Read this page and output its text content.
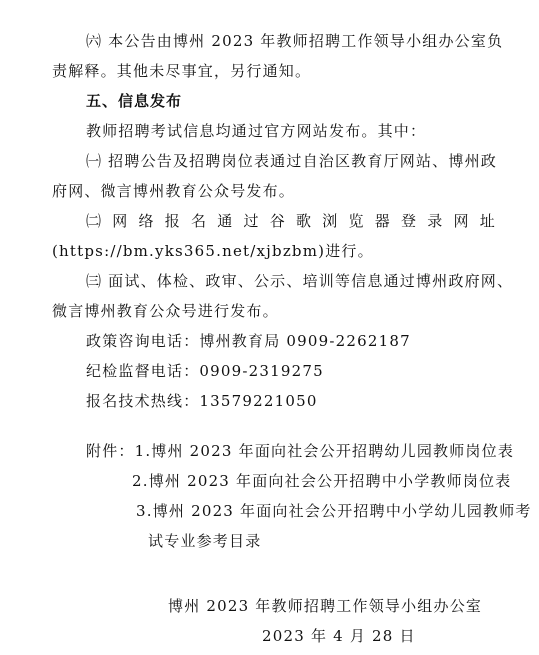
㈥ 本公告由博州 2023 年教师招聘工作领导小组办公室负
责解释。其他未尽事宜，另行通知。
五、信息发布
教师招聘考试信息均通过官方网站发布。其中：
㈠ 招聘公告及招聘岗位表通过自治区教育厅网站、博州政
府网、微言博州教育公众号发布。
㈡ 网 络 报 名 通 过 谷 歌 浏 览 器 登 录 网 址
(https://bm.yks365.net/xjbzbm)进行。
㈢ 面试、体检、政审、公示、培训等信息通过博州政府网、
微言博州教育公众号进行发布。
政策咨询电话：博州教育局 0909-2262187
纪检监督电话：0909-2319275
报名技术热线：13579221050
附件：1.博州 2023 年面向社会公开招聘幼儿园教师岗位表
2.博州 2023 年面向社会公开招聘中小学教师岗位表
3.博州 2023 年面向社会公开招聘中小学幼儿园教师考
试专业参考目录
博州 2023 年教师招聘工作领导小组办公室
2023 年 4 月 28 日
